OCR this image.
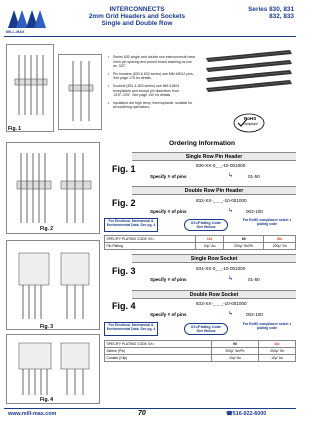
MILL-MAX
INTERCONNECTS
2mm Grid Headers and Sockets
Single and Double Row
Series 830, 831
832, 833
Fig. 1
• Series 830 single and double row interconnects have 2mm pin spacing and permit board stacking as low as .322".
• Pin headers (830 & 832 series) use MM #9012 pins. See page 175 for details.
• Sockets (831 & 833 series) use MM #1803 receptacles and accept pin diameters from .015"-.025". See page 140 for details.
• Insulators are high temp. thermoplastic, suitable for all soldering operations.
RoHS
compliant
Fig. 2
Fig. 3
Fig. 4
Ordering Information
Single Row Pin Header
Fig. 1	830-XX-0_ _-10-001000
Specify # of pins	↳	01-50
Double Row Pin Header
Fig. 2	832-XX-_ _ _-10-001000
Specify # of pins	↳	002-100
For Electrical, Mechanical & Environmental Data, See pg. 4	XX=Plating Code See Below
For RoHS compliance select ♦ plating code
SPECIFY PLATING CODE XX=	15♦	60	66♦
Pin Plating	10µ" Au	200µ" Sn/Pb	200µ" Sn
Single Row Socket
Fig. 3	831-XX-0_ _-10-001000
Specify # of pins	↳	01-50
Double Row Socket
Fig. 4	833-XX-_ _ _-10-001000
Specify # of pins	↳	002-100
For Electrical, Mechanical & Environmental Data, See pg. 4	XX=Plating Code See Below
For RoHS compliance select ♦ plating code
SPECIFY PLATING CODE XX=	93	43♦
Sleeve (Pin)	200µ" Sn/Pb	200µ" Sn
Contact (Clip)	10µ" Au	10µ" Au
www.mill-max.com	70	☎516-922-6000
